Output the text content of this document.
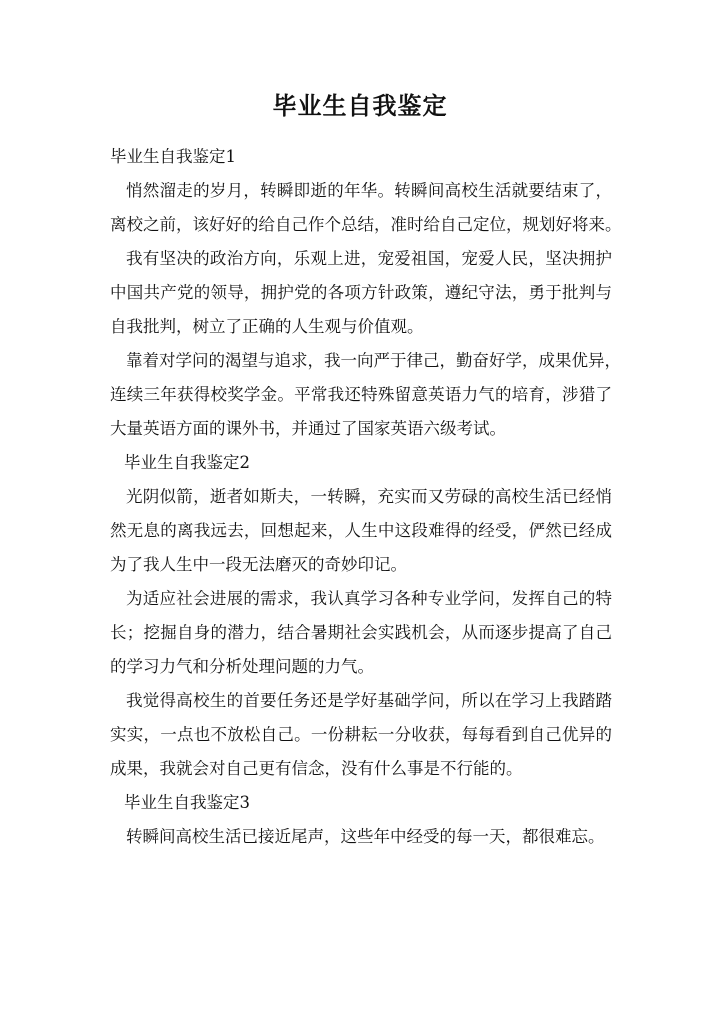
毕业生自我鉴定
毕业生自我鉴定1
悄然溜走的岁月，转瞬即逝的年华。转瞬间高校生活就要结束了，
离校之前，该好好的给自己作个总结，准时给自己定位，规划好将来。
我有坚决的政治方向，乐观上进，宠爱祖国，宠爱人民，坚决拥护
中国共产党的领导，拥护党的各项方针政策，遵纪守法，勇于批判与
自我批判，树立了正确的人生观与价值观。
靠着对学问的渴望与追求，我一向严于律己，勤奋好学，成果优异，
连续三年获得校奖学金。平常我还特殊留意英语力气的培育，涉猎了
大量英语方面的课外书，并通过了国家英语六级考试。
毕业生自我鉴定2
光阴似箭，逝者如斯夫，一转瞬，充实而又劳碌的高校生活已经悄
然无息的离我远去，回想起来，人生中这段难得的经受，俨然已经成
为了我人生中一段无法磨灭的奇妙印记。
为适应社会进展的需求，我认真学习各种专业学问，发挥自己的特
长；挖掘自身的潜力，结合暑期社会实践机会，从而逐步提高了自己
的学习力气和分析处理问题的力气。
我觉得高校生的首要任务还是学好基础学问，所以在学习上我踏踏
实实，一点也不放松自己。一份耕耘一分收获，每每看到自己优异的
成果，我就会对自己更有信念，没有什么事是不行能的。
毕业生自我鉴定3
转瞬间高校生活已接近尾声，这些年中经受的每一天，都很难忘。
